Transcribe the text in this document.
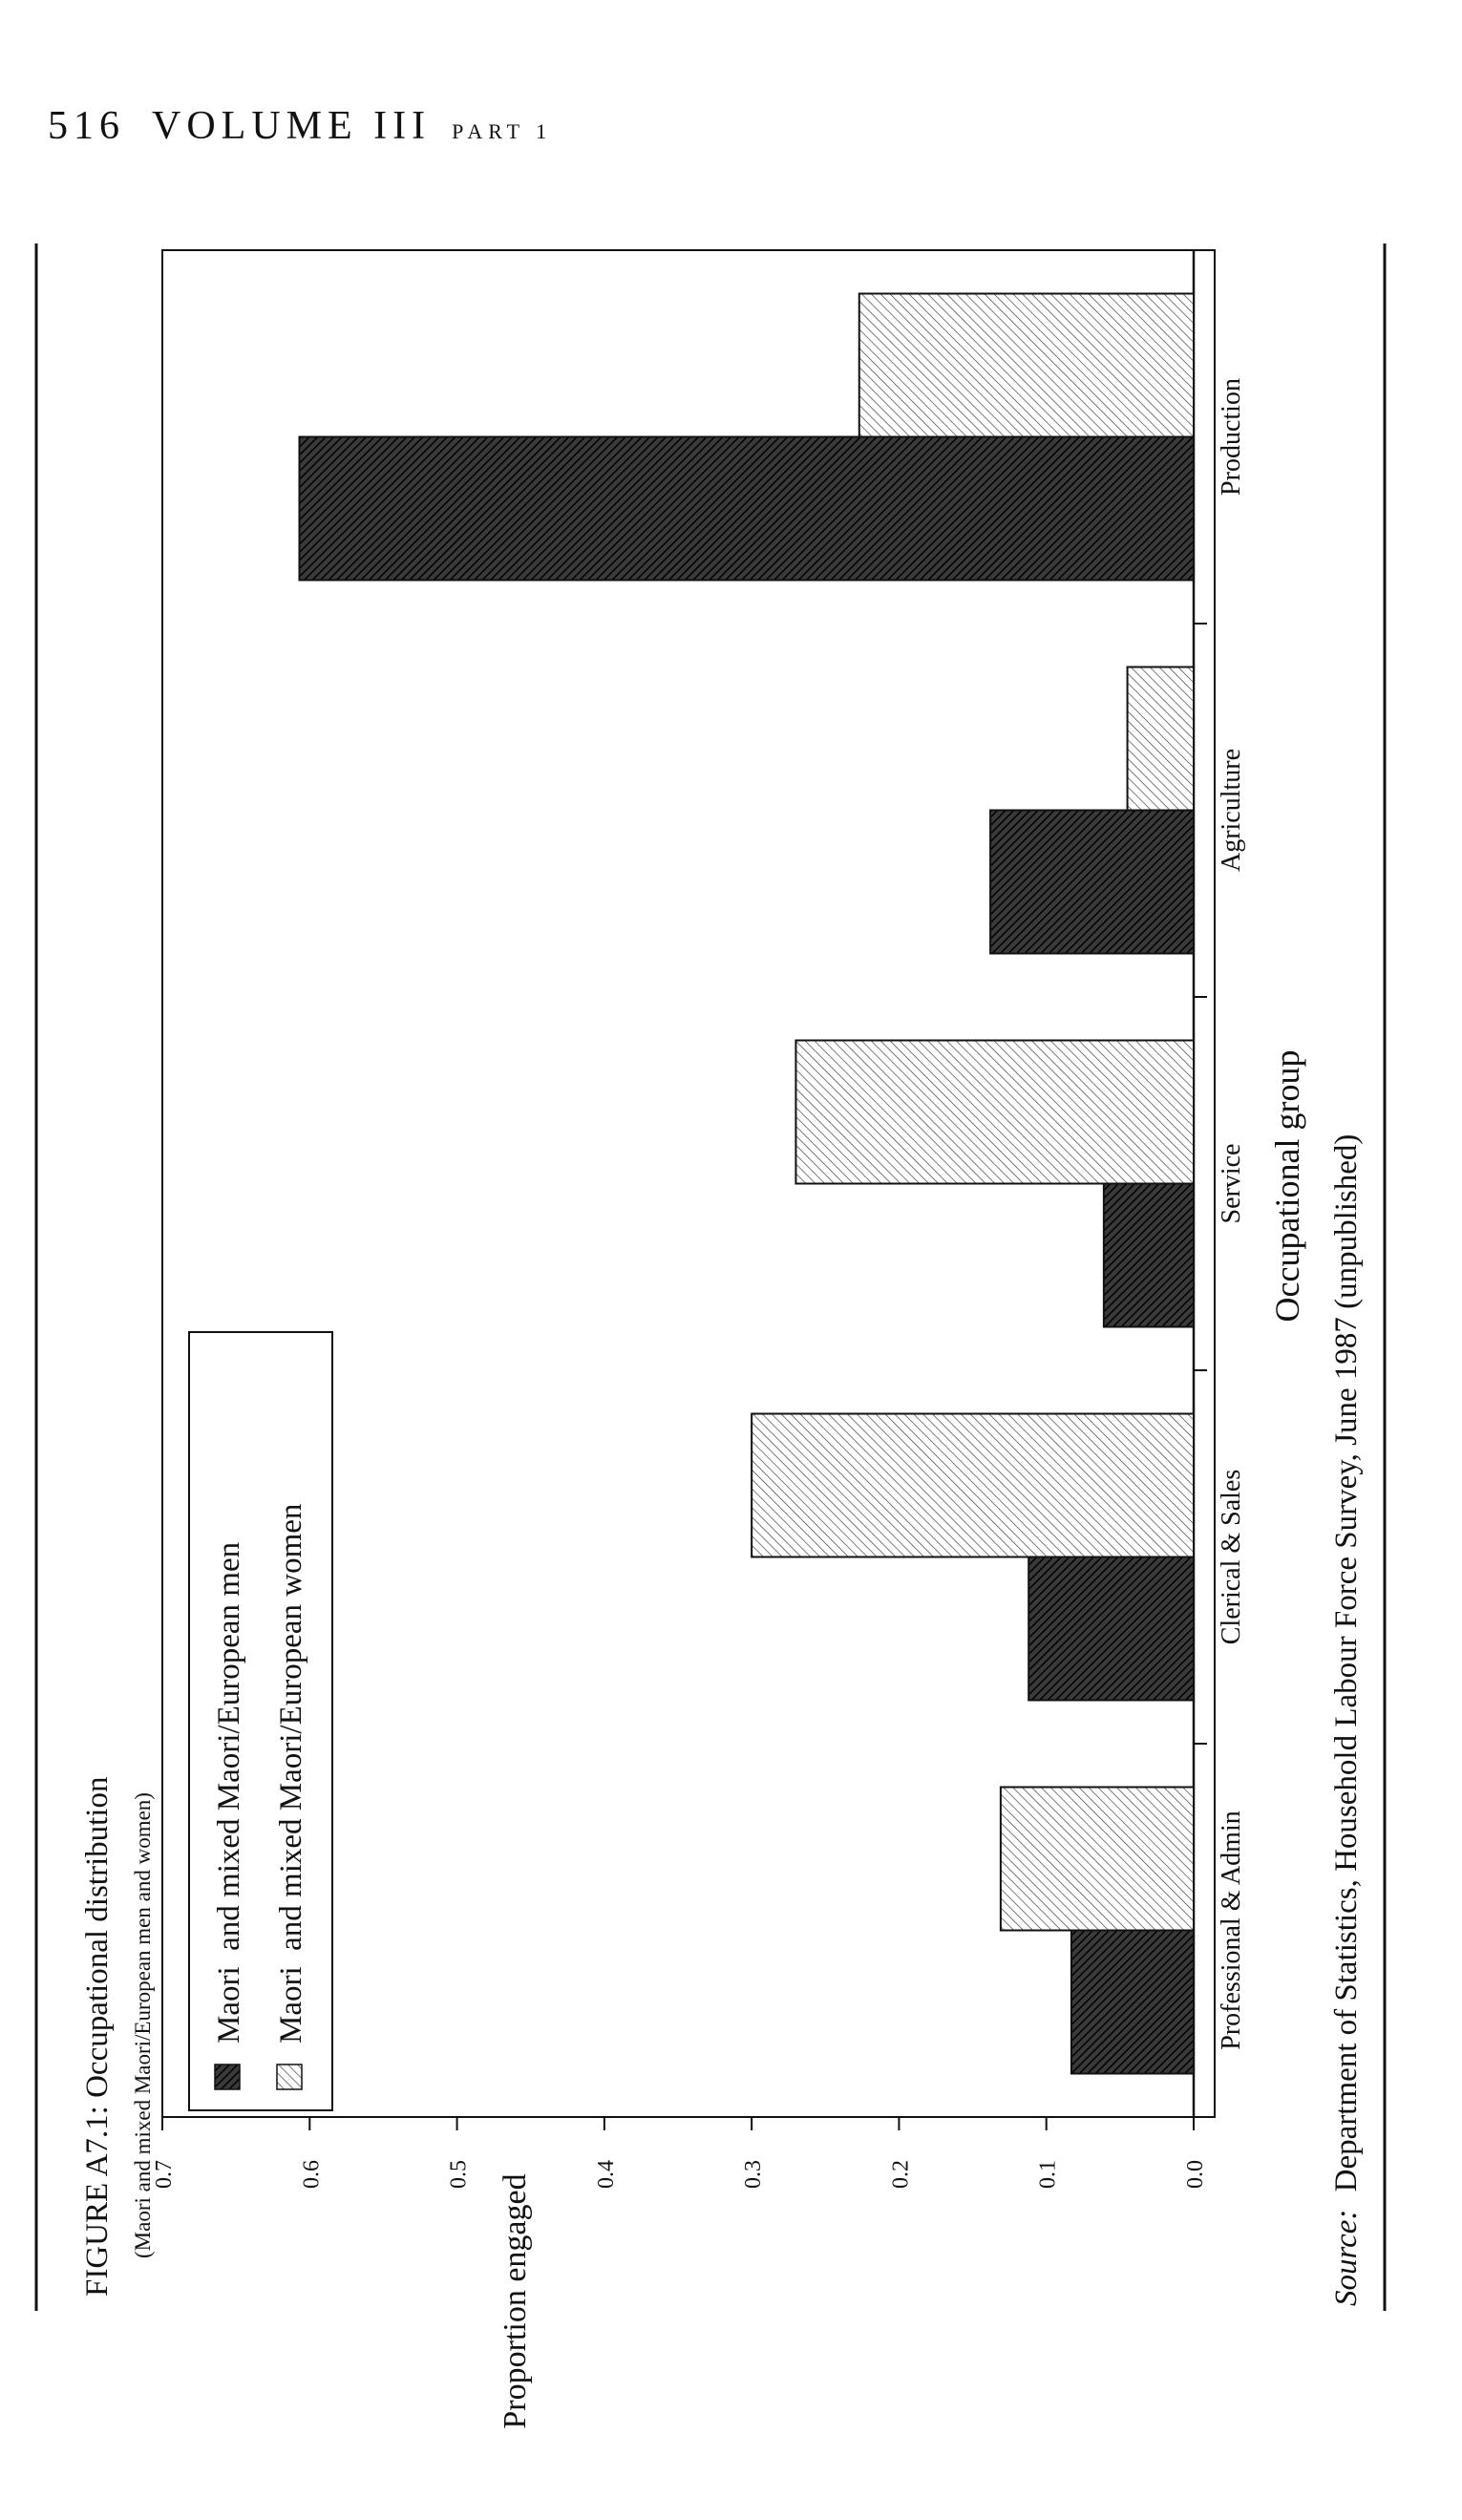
516 VOLUME III PART 1
FIGURE A7.1: Occupational distribution (Maori and mixed Maori/European men and women)	Source: Department of Statistics, Household Labour Force Survey, June 1987 (unpublished)
Proportion engaged
Occupational group
0.0
0.1
0.2
0.3
0.4
0.5
0.6
0.7
Professional & Admin
Clerical & Sales
Service
Agriculture
Production
Maori  and mixed Maori/European men Maori  and mixed Maori/European women
